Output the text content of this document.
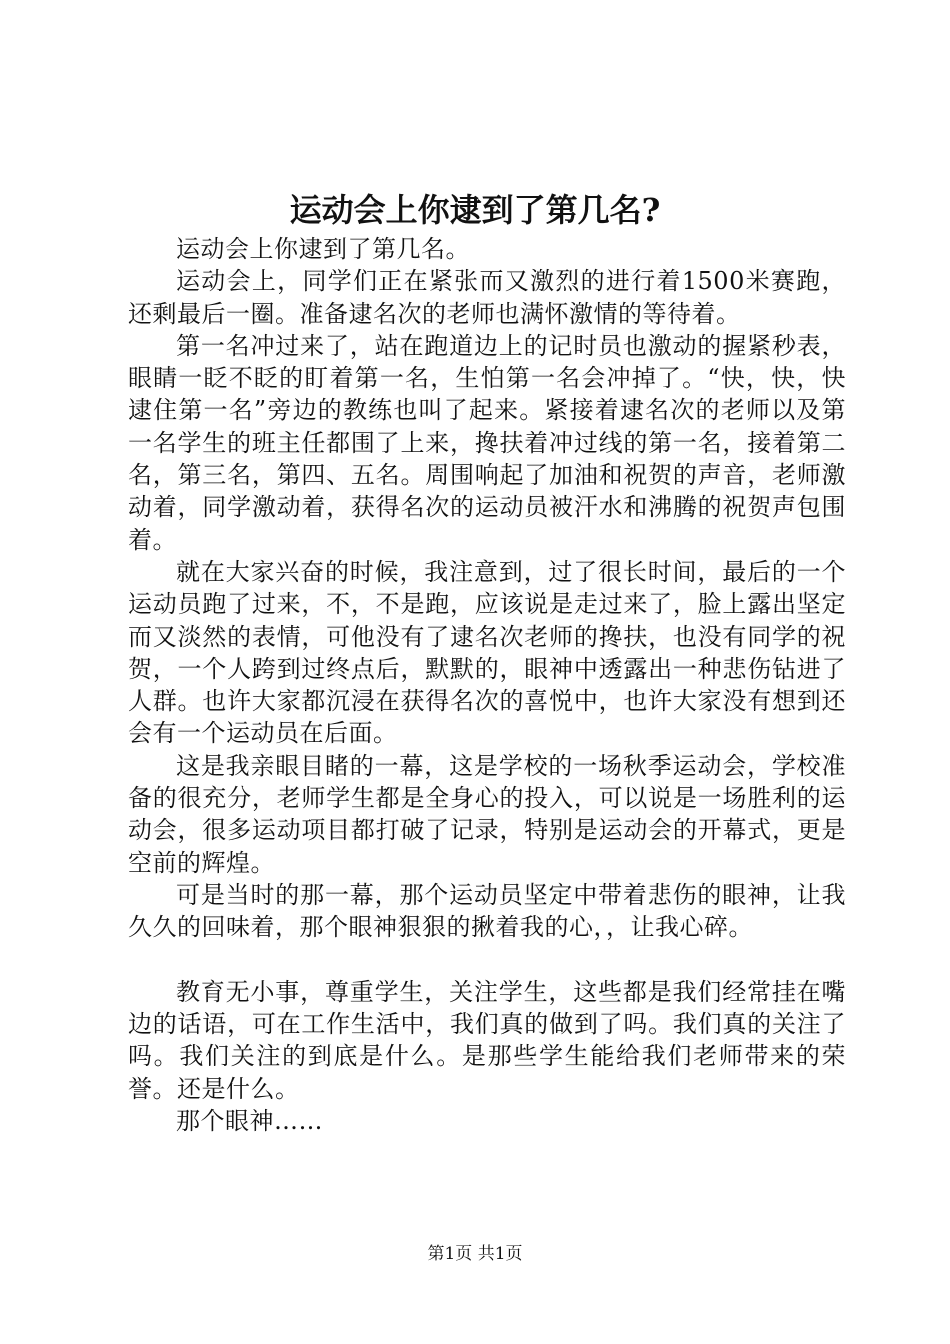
运动会上你逮到了第几名?

运动会上你逮到了第几名。

运动会上，同学们正在紧张而又激烈的进行着1500米赛跑，还剩最后一圈。准备逮名次的老师也满怀激情的等待着。

第一名冲过来了，站在跑道边上的记时员也激动的握紧秒表，眼睛一眨不眨的盯着第一名，生怕第一名会冲掉了。“快，快，快逮住第一名”旁边的教练也叫了起来。紧接着逮名次的老师以及第一名学生的班主任都围了上来，搀扶着冲过线的第一名，接着第二名，第三名，第四、五名。周围响起了加油和祝贺的声音，老师激动着，同学激动着，获得名次的运动员被汗水和沸腾的祝贺声包围着。

就在大家兴奋的时候，我注意到，过了很长时间，最后的一个运动员跑了过来，不，不是跑，应该说是走过来了，脸上露出坚定而又淡然的表情，可他没有了逮名次老师的搀扶，也没有同学的祝贺，一个人跨到过终点后，默默的，眼神中透露出一种悲伤钻进了人群。也许大家都沉浸在获得名次的喜悦中，也许大家没有想到还会有一个运动员在后面。

这是我亲眼目睹的一幕，这是学校的一场秋季运动会，学校准备的很充分，老师学生都是全身心的投入，可以说是一场胜利的运动会，很多运动项目都打破了记录，特别是运动会的开幕式，更是空前的辉煌。

可是当时的那一幕，那个运动员坚定中带着悲伤的眼神，让我久久的回味着，那个眼神狠狠的揪着我的心，，让我心碎。

教育无小事，尊重学生，关注学生，这些都是我们经常挂在嘴边的话语，可在工作生活中，我们真的做到了吗。我们真的关注了吗。我们关注的到底是什么。是那些学生能给我们老师带来的荣誉。还是什么。

那个眼神……

第1页 共1页
